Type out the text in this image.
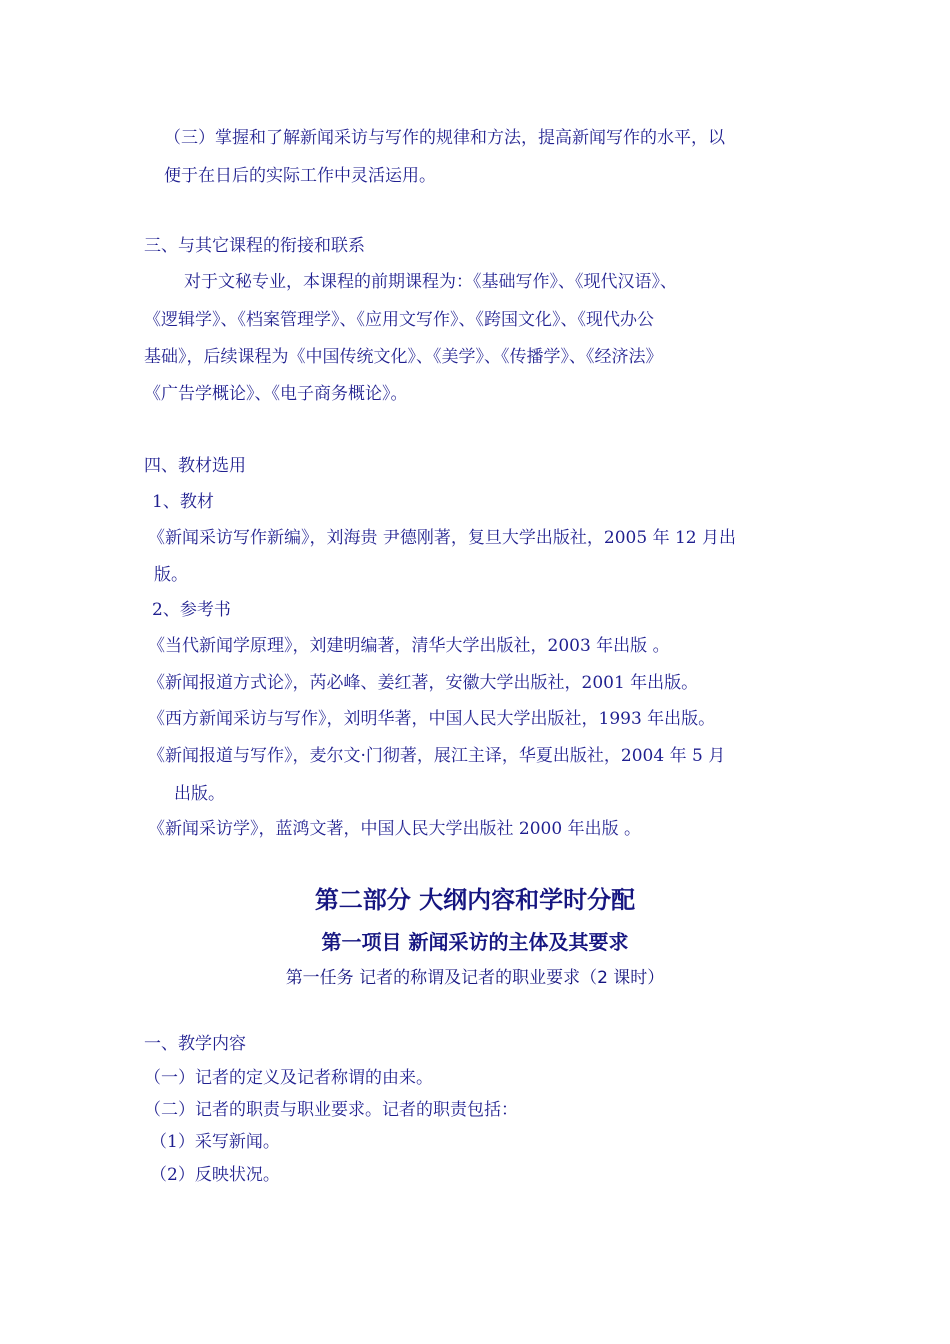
（三）掌握和了解新闻采访与写作的规律和方法，提高新闻写作的水平，以
便于在日后的实际工作中灵活运用。
三、与其它课程的衔接和联系
对于文秘专业，本课程的前期课程为：《基础写作》、《现代汉语》、
《逻辑学》、《档案管理学》、《应用文写作》、《跨国文化》、《现代办公
基础》，后续课程为《中国传统文化》、《美学》、《传播学》、《经济法》
《广告学概论》、《电子商务概论》。
四、教材选用
1、教材
《新闻采访写作新编》，刘海贵 尹德刚著，复旦大学出版社，2005 年 12 月出
版。
2、参考书
《当代新闻学原理》，刘建明编著，清华大学出版社，2003 年出版 。
《新闻报道方式论》，芮必峰、姜红著，安徽大学出版社，2001 年出版。
《西方新闻采访与写作》，刘明华著，中国人民大学出版社，1993 年出版。
《新闻报道与写作》，麦尔文·门彻著，展江主译，华夏出版社，2004 年 5 月
出版。
《新闻采访学》，蓝鸿文著，中国人民大学出版社 2000 年出版 。
第二部分 大纲内容和学时分配
第一项目 新闻采访的主体及其要求
第一任务 记者的称谓及记者的职业要求（2 课时）
一、教学内容
（一）记者的定义及记者称谓的由来。
（二）记者的职责与职业要求。记者的职责包括：
（1）采写新闻。
（2）反映状况。
